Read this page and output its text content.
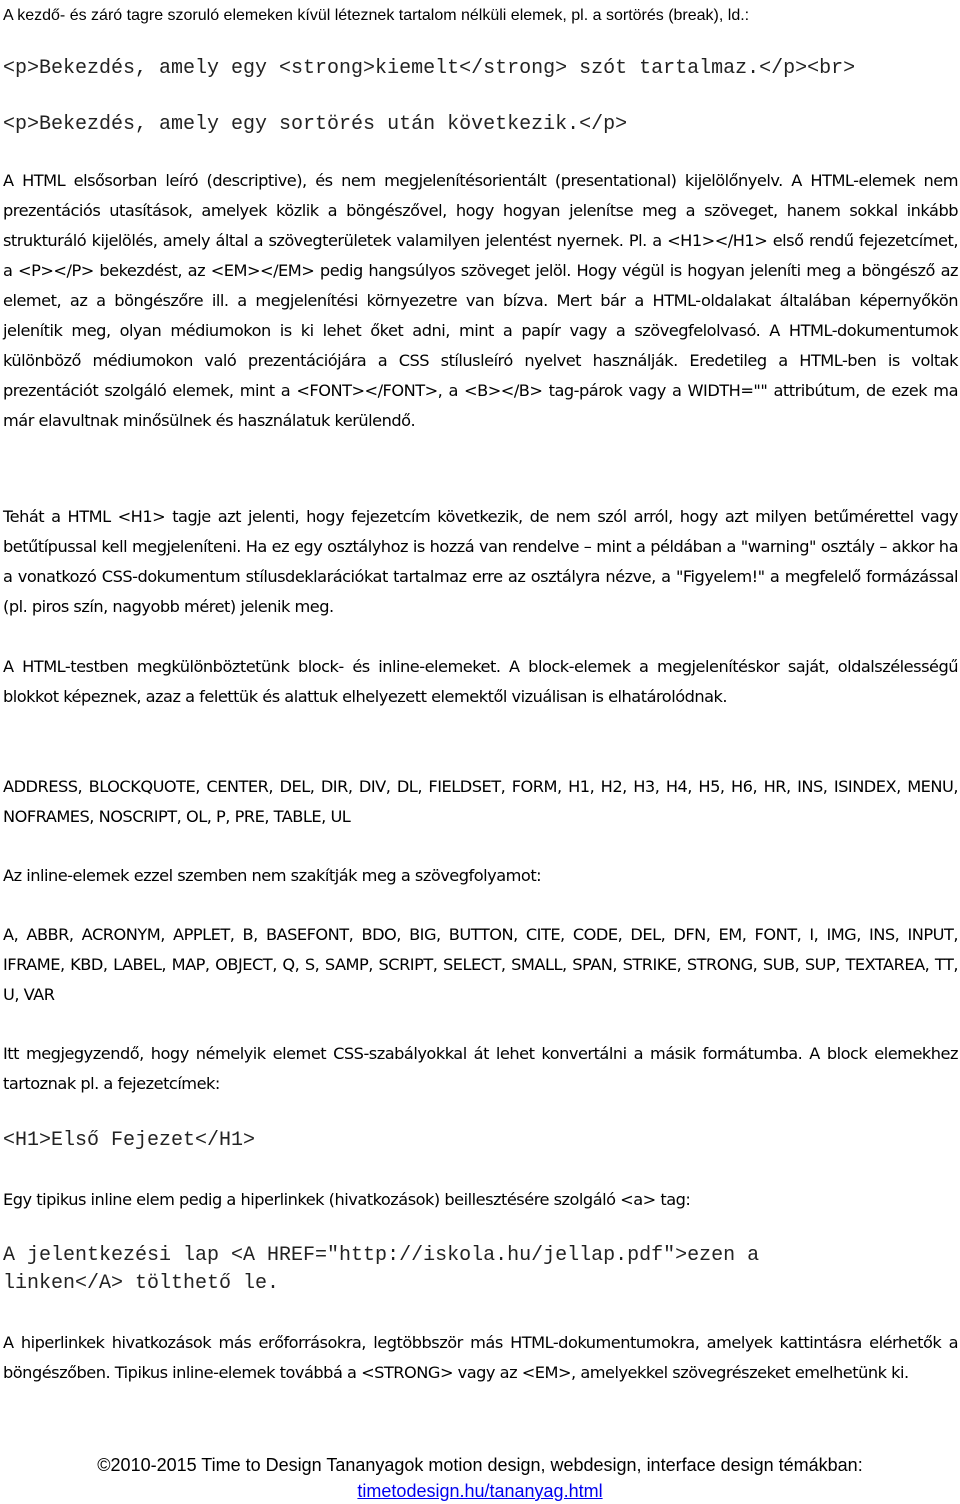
A kezdő- és záró tagre szoruló elemeken kívül léteznek tartalom nélküli elemek, pl. a sortörés (break), ld.:
<p>Bekezdés, amely egy <strong>kiemelt</strong> szót tartalmaz.</p><br>
<p>Bekezdés, amely egy sortörés után következik.</p>

A HTML elsősorban leíró (descriptive), és nem megjelenítésorientált (presentational) kijelölőnyelv. A HTML-elemek nem prezentációs utasítások, amelyek közlik a böngészővel, hogy hogyan jelenítse meg a szöveget, hanem sokkal inkább strukturáló kijelölés, amely által a szövegterületek valamilyen jelentést nyernek. Pl. a <H1></H1> első rendű fejezetcímet, a <P></P> bekezdést, az <EM></EM> pedig hangsúlyos szöveget jelöl. Hogy végül is hogyan jeleníti meg a böngésző az elemet, az a böngészőre ill. a megjelenítési környezetre van bízva. Mert bár a HTML-oldalakat általában képernyőkön jelenítik meg, olyan médiumokon is ki lehet őket adni, mint a papír vagy a szövegfelolvasó. A HTML-dokumentumok különböző médiumokon való prezentációjára a CSS stílusleíró nyelvet használják. Eredetileg a HTML-ben is voltak prezentációt szolgáló elemek, mint a <FONT></FONT>, a <B></B> tag-párok vagy a WIDTH="" attribútum, de ezek ma már elavultnak minősülnek és használatuk kerülendő.

Tehát a HTML <H1> tagje azt jelenti, hogy fejezetcím következik, de nem szól arról, hogy azt milyen betűmérettel vagy betűtípussal kell megjeleníteni. Ha ez egy osztályhoz is hozzá van rendelve – mint a példában a "warning" osztály – akkor ha a vonatkozó CSS-dokumentum stílusdeklarációkat tartalmaz erre az osztályra nézve, a "Figyelem!" a megfelelő formázással (pl. piros szín, nagyobb méret) jelenik meg.

A HTML-testben megkülönböztetünk block- és inline-elemeket. A block-elemek a megjelenítéskor saját, oldalszélességű blokkot képeznek, azaz a felettük és alattuk elhelyezett elemektől vizuálisan is elhatárolódnak.

ADDRESS, BLOCKQUOTE, CENTER, DEL, DIR, DIV, DL, FIELDSET, FORM, H1, H2, H3, H4, H5, H6, HR, INS, ISINDEX, MENU, NOFRAMES, NOSCRIPT, OL, P, PRE, TABLE, UL

Az inline-elemek ezzel szemben nem szakítják meg a szövegfolyamot:

A, ABBR, ACRONYM, APPLET, B, BASEFONT, BDO, BIG, BUTTON, CITE, CODE, DEL, DFN, EM, FONT, I, IMG, INS, INPUT, IFRAME, KBD, LABEL, MAP, OBJECT, Q, S, SAMP, SCRIPT, SELECT, SMALL, SPAN, STRIKE, STRONG, SUB, SUP, TEXTAREA, TT, U, VAR

Itt megjegyzendő, hogy némelyik elemet CSS-szabályokkal át lehet konvertálni a másik formátumba. A block elemekhez tartoznak pl. a fejezetcímek:

<H1>Első Fejezet</H1>

Egy tipikus inline elem pedig a hiperlinkek (hivatkozások) beillesztésére szolgáló <a> tag:

A jelentkezési lap <A HREF="http://iskola.hu/jellap.pdf">ezen a
linken</A> tölthető le.

A hiperlinkek hivatkozások más erőforrásokra, legtöbbször más HTML-dokumentumokra, amelyek kattintásra elérhetők a böngészőben. Tipikus inline-elemek továbbá a <STRONG> vagy az <EM>, amelyekkel szövegrészeket emelhetünk ki.

©2010-2015 Time to Design Tananyagok motion design, webdesign, interface design témákban:
timetodesign.hu/tananyag.html
